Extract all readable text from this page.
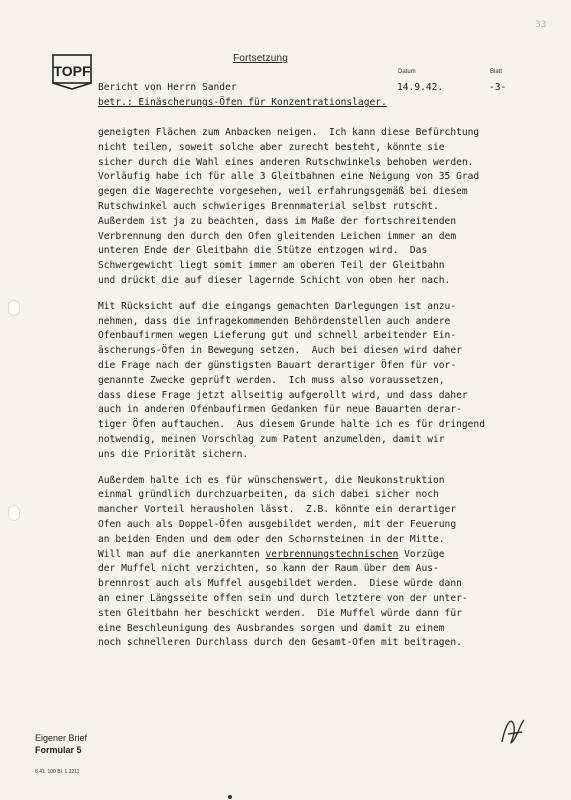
33
TOPF
Fortsetzung
Datum	Blatt
Bericht von Herrn Sander	14.9.42.	-3-
betr.: Einäscherungs-Öfen für Konzentrationslager.
geneigten Flächen zum Anbacken neigen.  Ich kann diese Befürchtung
nicht teilen, soweit solche aber zurecht besteht, könnte sie
sicher durch die Wahl eines anderen Rutschwinkels behoben werden.
Vorläufig habe ich für alle 3 Gleitbahnen eine Neigung von 35 Grad
gegen die Wagerechte vorgesehen, weil erfahrungsgemäß bei diesem
Rutschwinkel auch schwieriges Brennmaterial selbst rutscht.
Außerdem ist ja zu beachten, dass im Maße der fortschreitenden
Verbrennung den durch den Ofen gleitenden Leichen immer an dem
unteren Ende der Gleitbahn die Stütze entzogen wird.  Das
Schwergewicht liegt somit immer am oberen Teil der Gleitbahn
und drückt die auf dieser lagernde Schicht von oben her nach.
Mit Rücksicht auf die eingangs gemachten Darlegungen ist anzu-
nehmen, dass die infragekommenden Behördenstellen auch andere
Ofenbaufirmen wegen Lieferung gut und schnell arbeitender Ein-
äscherungs-Öfen in Bewegung setzen.  Auch bei diesen wird daher
die Frage nach der günstigsten Bauart derartiger Öfen für vor-
genannte Zwecke geprüft werden.  Ich muss also voraussetzen,
dass diese Frage jetzt allseitig aufgerollt wird, und dass daher
auch in anderen Ofenbaufirmen Gedanken für neue Bauarten derar-
tiger Öfen auftauchen.  Aus diesem Grunde halte ich es für dringend
notwendig, meinen Vorschlag zum Patent anzumelden, damit wir
uns die Priorität sichern.
Außerdem halte ich es für wünschenswert, die Neukonstruktion
einmal gründlich durchzuarbeiten, da sich dabei sicher noch
mancher Vorteil herausholen lässt.  Z.B. könnte ein derartiger
Ofen auch als Doppel-Öfen ausgebildet werden, mit der Feuerung
an beiden Enden und dem oder den Schornsteinen in der Mitte.
Will man auf die anerkannten verbrennungstechnischen Vorzüge
der Muffel nicht verzichten, so kann der Raum über dem Aus-
brennrost auch als Muffel ausgebildet werden.  Diese würde dann
an einer Längsseite offen sein und durch letztere von der unter-
sten Gleitbahn her beschickt werden.  Die Muffel würde dann für
eine Beschleunigung des Ausbrandes sorgen und damit zu einem
noch schnelleren Durchlass durch den Gesamt-Ofen mit beitragen.
Eigener Brief
Formular 5
8.41. 100 Bl. 1.3211
